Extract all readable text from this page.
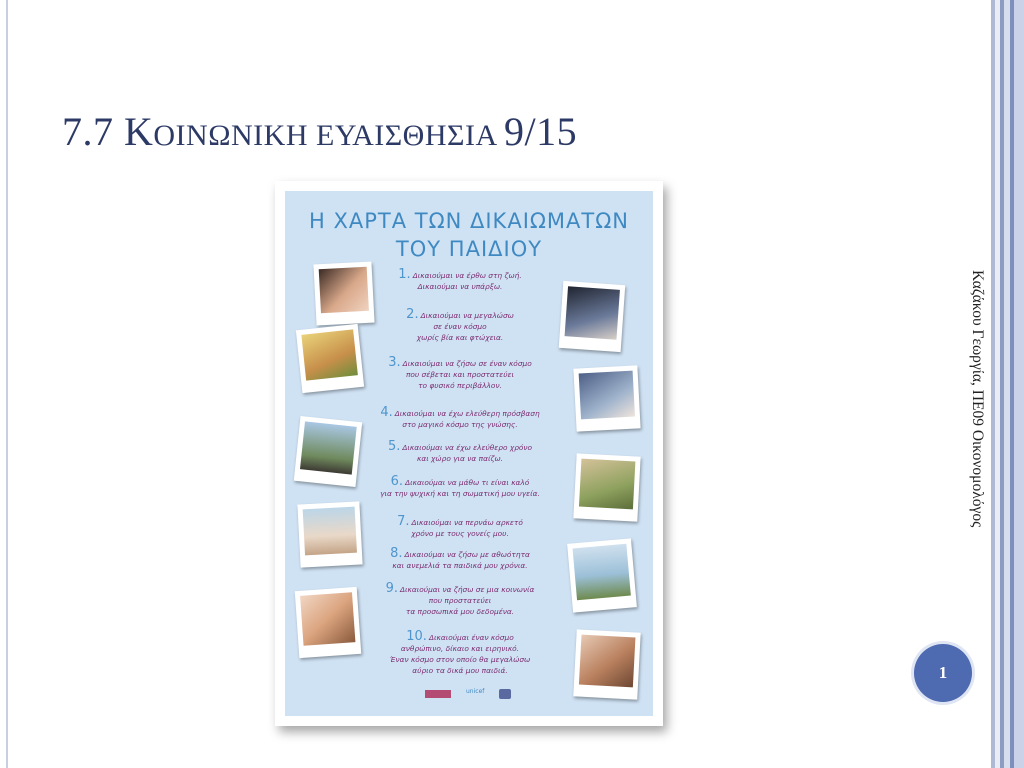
7.7 ΚΟΙΝΩΝΙΚΗ ΕΥΑΙΣΘΗΣΙΑ 9/15
Καζάκου Γεωργία, ΠΕ09 Οικονομολόγος
1
Η ΧΑΡΤΑ ΤΩΝ ΔΙΚΑΙΩΜΑΤΩΝ
ΤΟΥ ΠΑΙΔΙΟΥ
1. Δικαιούμαι να έρθω στη ζωή.
Δικαιούμαι να υπάρξω.
2. Δικαιούμαι να μεγαλώσω
σε έναν κόσμο
χωρίς βία και φτώχεια.
3. Δικαιούμαι να ζήσω σε έναν κόσμο
που σέβεται και προστατεύει
το φυσικό περιβάλλον.
4. Δικαιούμαι να έχω ελεύθερη πρόσβαση
στο μαγικό κόσμο της γνώσης.
5. Δικαιούμαι να έχω ελεύθερο χρόνο
και χώρο για να παίζω.
6. Δικαιούμαι να μάθω τι είναι καλό
για την ψυχική και τη σωματική μου υγεία.
7. Δικαιούμαι να περνάω αρκετό
χρόνο με τους γονείς μου.
8. Δικαιούμαι να ζήσω με αθωότητα
και ανεμελιά τα παιδικά μου χρόνια.
9. Δικαιούμαι να ζήσω σε μια κοινωνία
που προστατεύει
τα προσωπικά μου δεδομένα.
10. Δικαιούμαι έναν κόσμο
ανθρώπινο, δίκαιο και ειρηνικό.
Έναν κόσμο στον οποίο θα μεγαλώσω
αύριο τα δικά μου παιδιά.
unicef
